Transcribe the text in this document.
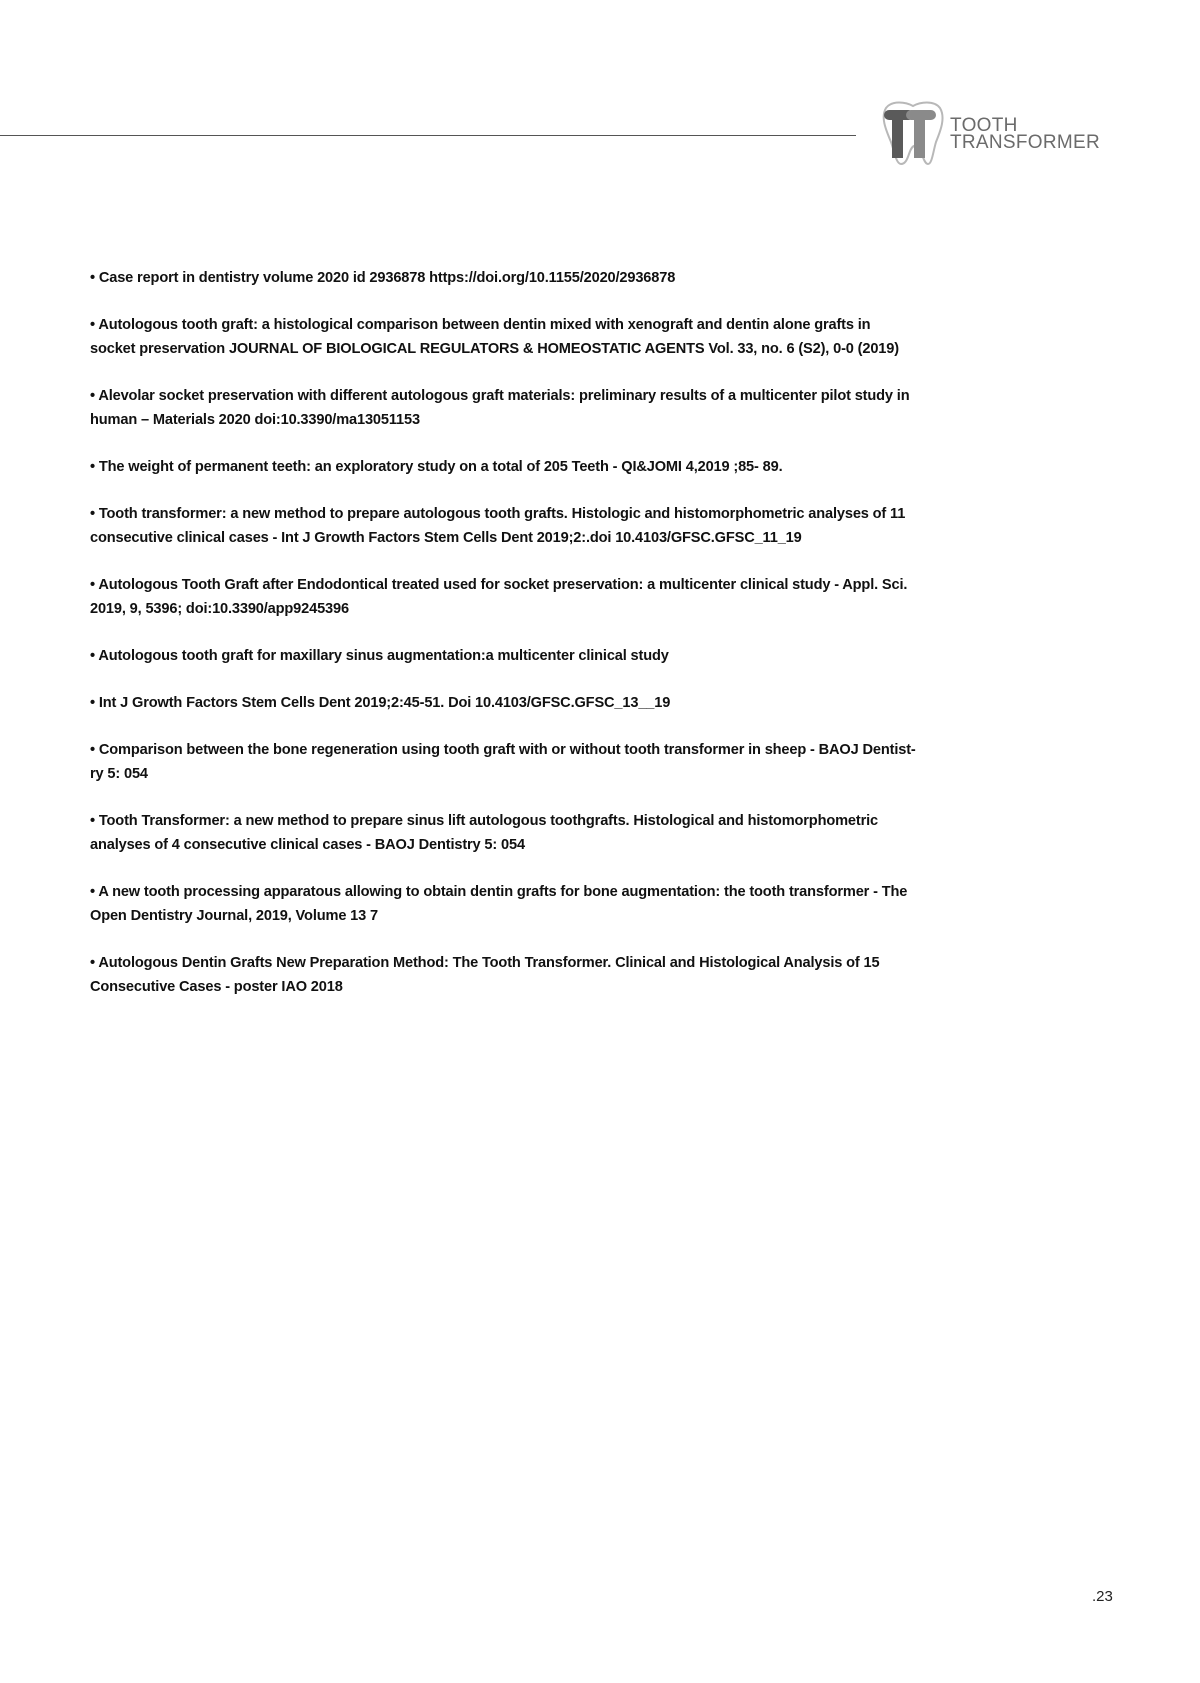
TOOTH
TRANSFORMER
• Case report in dentistry volume 2020 id 2936878 https://doi.org/10.1155/2020/2936878
• Autologous tooth graft: a histological comparison between dentin mixed with xenograft and dentin alone grafts in
socket preservation JOURNAL OF BIOLOGICAL REGULATORS & HOMEOSTATIC AGENTS Vol. 33, no. 6 (S2), 0-0 (2019)
• Alevolar socket preservation with different autologous graft materials: preliminary results of a multicenter pilot study in
human – Materials 2020 doi:10.3390/ma13051153
• The weight of permanent teeth: an exploratory study on a total of 205 Teeth - QI&JOMI 4,2019 ;85- 89.
• Tooth transformer: a new method to prepare autologous tooth grafts. Histologic and histomorphometric analyses of 11
consecutive clinical cases - Int J Growth Factors Stem Cells Dent 2019;2:.doi 10.4103/GFSC.GFSC_11_19
• Autologous Tooth Graft after Endodontical treated used for socket preservation: a multicenter clinical study - Appl. Sci.
2019, 9, 5396; doi:10.3390/app9245396
• Autologous tooth graft for maxillary sinus augmentation:a multicenter clinical study
• Int J Growth Factors Stem Cells Dent 2019;2:45-51. Doi 10.4103/GFSC.GFSC_13__19
• Comparison between the bone regeneration using tooth graft with or without tooth transformer in sheep - BAOJ Dentist-
ry 5: 054
• Tooth Transformer: a new method to prepare sinus lift autologous toothgrafts. Histological and histomorphometric
analyses of 4 consecutive clinical cases - BAOJ Dentistry 5: 054
• A new tooth processing apparatous allowing to obtain dentin grafts for bone augmentation: the tooth transformer - The
Open Dentistry Journal, 2019, Volume 13 7
• Autologous Dentin Grafts New Preparation Method: The Tooth Transformer. Clinical and Histological Analysis of 15
Consecutive Cases - poster IAO 2018
.23
